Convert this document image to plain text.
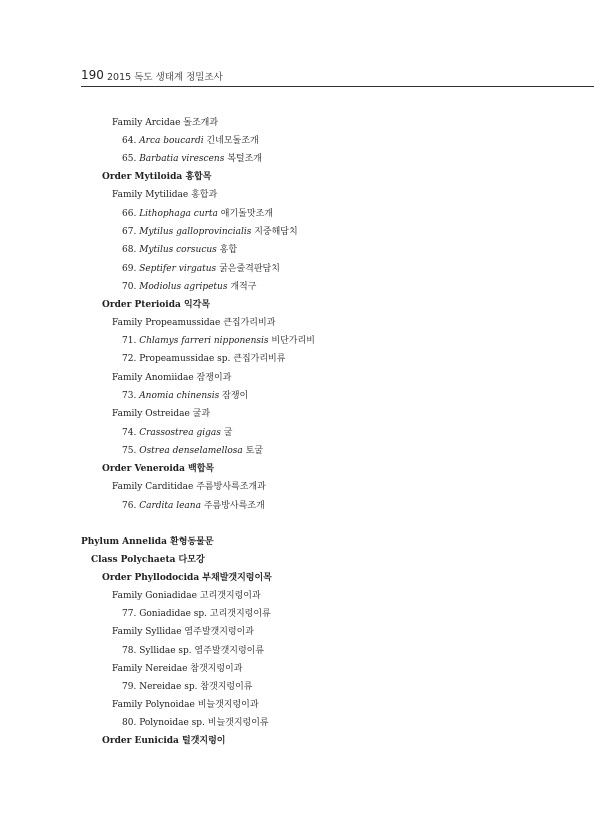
190 2015 독도 생태계 정밀조사
Family Arcidae 돌조개과
64. Arca boucardi 긴네모돌조개
65. Barbatia virescens 복털조개
Order Mytiloida 홍합목
Family Mytilidae 홍합과
66. Lithophaga curta 애기돌맛조개
67. Mytilus galloprovincialis 지중해담치
68. Mytilus corsucus 홍합
69. Septifer virgatus 굵은줄격판담치
70. Modiolus agripetus 개적구
Order Pterioida 익각목
Family Propeamussidae 큰집가리비과
71. Chlamys farreri nipponensis 비단가리비
72. Propeamussidae sp. 큰집가리비류
Family Anomiidae 잠쟁이과
73. Anomia chinensis 잠쟁이
Family Ostreidae 굴과
74. Crassostrea gigas 굴
75. Ostrea denselamellosa 토굴
Order Veneroida 백합목
Family Carditidae 주름방사륵조개과
76. Cardita leana 주름방사륵조개
Phylum Annelida 환형동물문
Class Polychaeta 다모강
Order Phyllodocida 부채발갯지렁이목
Family Goniadidae 고리갯지렁이과
77. Goniadidae sp. 고리갯지렁이류
Family Syllidae 염주발갯지렁이과
78. Syllidae sp. 염주발갯지렁이류
Family Nereidae 참갯지렁이과
79. Nereidae sp. 참갯지렁이류
Family Polynoidae 비늘갯지렁이과
80. Polynoidae sp. 비늘갯지렁이류
Order Eunicida 털갯지렁이
